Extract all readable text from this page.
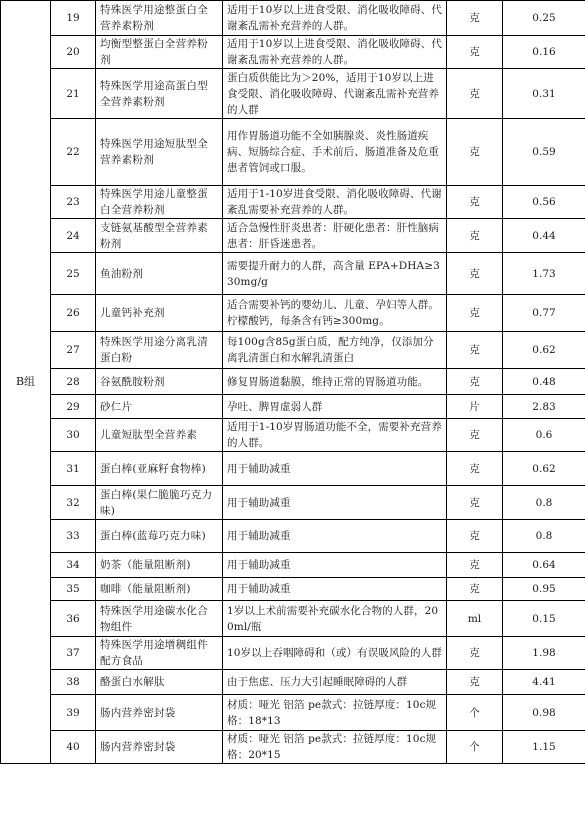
B组	19	特殊医学用途整蛋白全营养素粉剂	适用于10岁以上进食受限、消化吸收障碍、代谢紊乱需补充营养的人群。	克	0.25
	20	均衡型整蛋白全营养粉剂	适用于10岁以上进食受限、消化吸收障碍、代谢紊乱需补充营养的人群。	克	0.16
	21	特殊医学用途高蛋白型全营养素粉剂	蛋白质供能比为＞20%，适用于10岁以上进食受限、消化吸收障碍、代谢紊乱需补充营养的人群	克	0.31
	22	特殊医学用途短肽型全营养素粉剂	用作胃肠道功能不全如胰腺炎、炎性肠道疾病、短肠综合症、手术前后、肠道准备及危重患者管饲或口服。	克	0.59
	23	特殊医学用途儿童整蛋白全营养粉剂	适用于1-10岁进食受限、消化吸收障碍、代谢紊乱需要补充营养的人群。	克	0.56
	24	支链氨基酸型全营养素粉剂	适合急慢性肝炎患者：肝硬化患者：肝性脑病患者：肝昏迷患者。	克	0.44
	25	鱼油粉剂	需要提升耐力的人群，高含量 EPA+DHA≥330mg/g	克	1.73
	26	儿童钙补充剂	适合需要补钙的婴幼儿、儿童、孕妇等人群。柠檬酸钙，每条含有钙≥300mg。	克	0.77
	27	特殊医学用途分离乳清蛋白粉	每100g含85g蛋白质，配方纯净，仅添加分离乳清蛋白和水解乳清蛋白	克	0.62
	28	谷氨酰胺粉剂	修复胃肠道黏膜，维持正常的胃肠道功能。	克	0.48
	29	砂仁片	孕吐、脾胃虚弱人群	片	2.83
	30	儿童短肽型全营养素	适用于1-10岁胃肠道功能不全，需要补充营养的人群。	克	0.6
	31	蛋白棒(亚麻籽食物棒)	用于辅助减重	克	0.62
	32	蛋白棒(果仁脆脆巧克力味)	用于辅助减重	克	0.8
	33	蛋白棒(蓝莓巧克力味)	用于辅助减重	克	0.8
	34	奶茶（能量阻断剂)	用于辅助减重	克	0.64
	35	咖啡（能量阻断剂)	用于辅助减重	克	0.95
	36	特殊医学用途碳水化合物组件	1岁以上术前需要补充碳水化合物的人群，200ml/瓶	ml	0.15
	37	特殊医学用途增稠组件配方食品	10岁以上吞咽障碍和（或）有误吸风险的人群	克	1.98
	38	酪蛋白水解肽	由于焦虑、压力大引起睡眠障碍的人群	克	4.41
	39	肠内营养密封袋	材质：哑光 铝箔 pe款式：拉链厚度：10c规格：18*13	个	0.98
	40	肠内营养密封袋	材质：哑光 铝箔 pe款式：拉链厚度：10c规格：20*15	个	1.15
